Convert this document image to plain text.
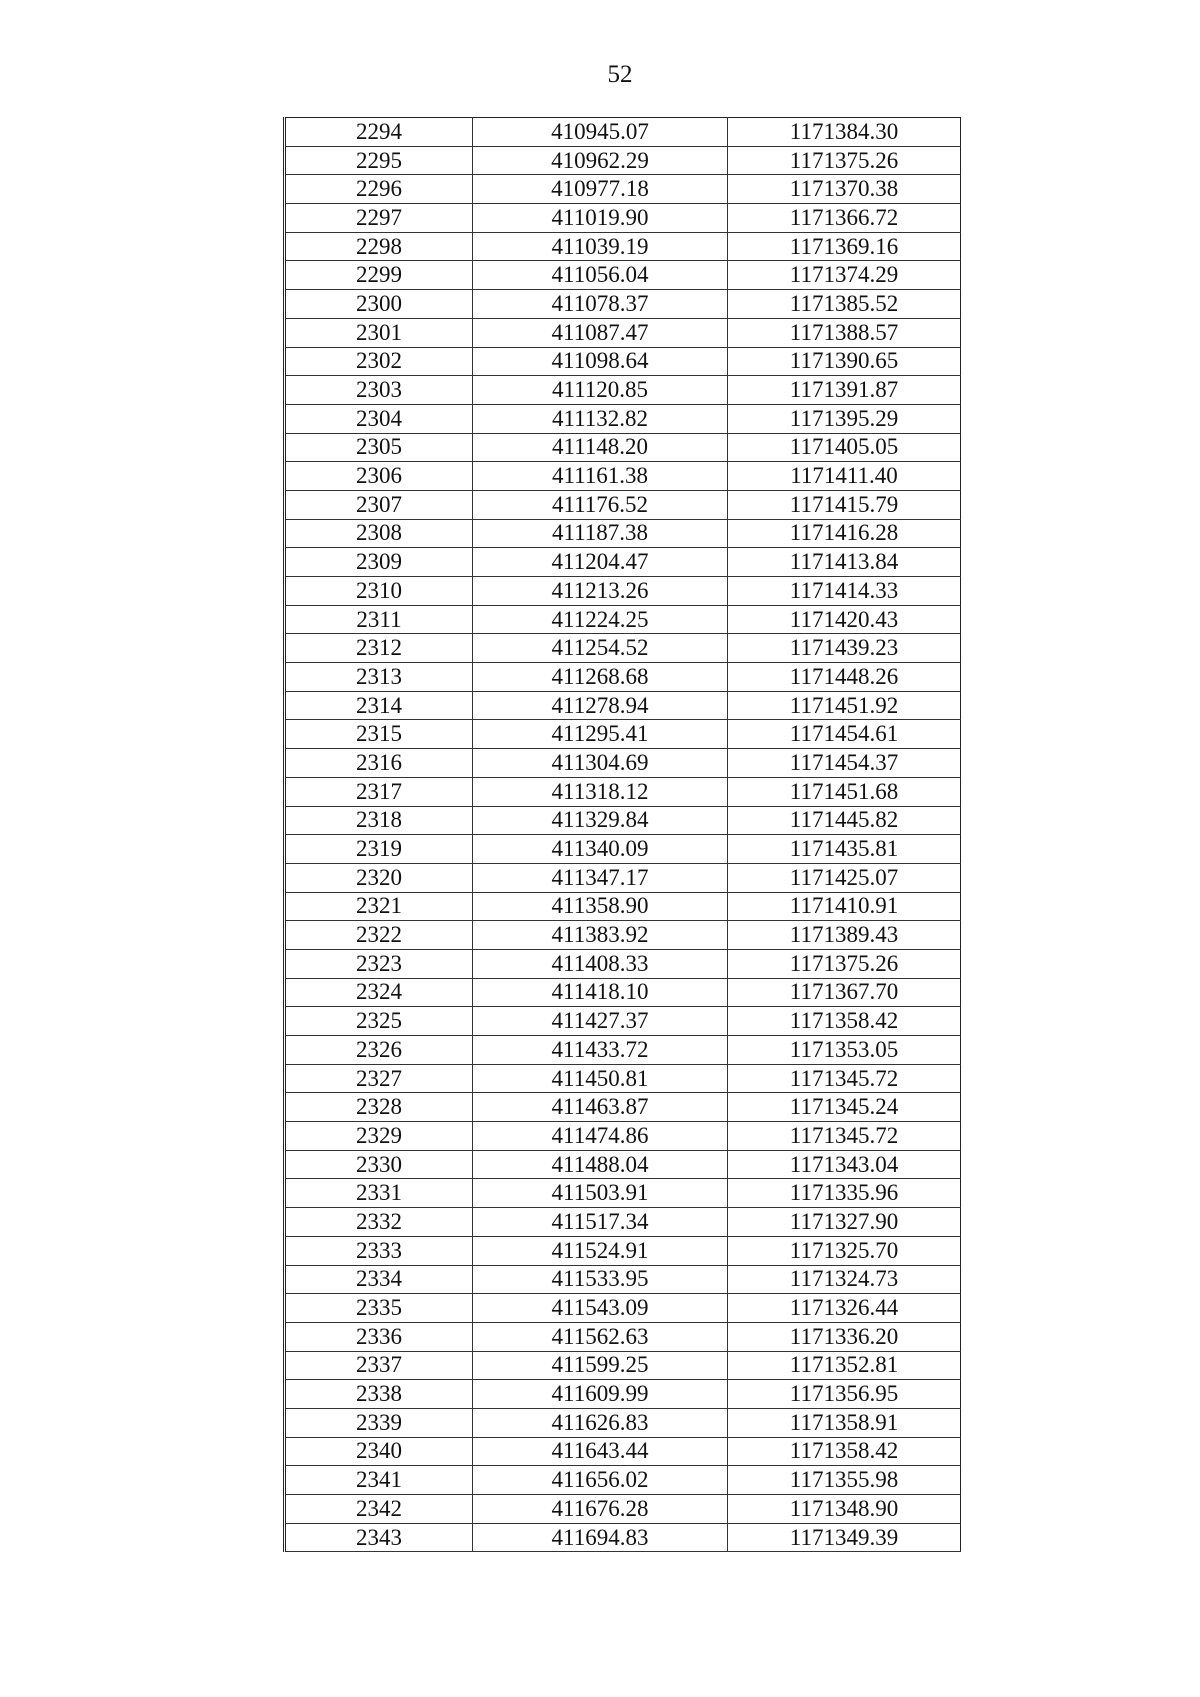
52
2294	410945.07	1171384.30
2295	410962.29	1171375.26
2296	410977.18	1171370.38
2297	411019.90	1171366.72
2298	411039.19	1171369.16
2299	411056.04	1171374.29
2300	411078.37	1171385.52
2301	411087.47	1171388.57
2302	411098.64	1171390.65
2303	411120.85	1171391.87
2304	411132.82	1171395.29
2305	411148.20	1171405.05
2306	411161.38	1171411.40
2307	411176.52	1171415.79
2308	411187.38	1171416.28
2309	411204.47	1171413.84
2310	411213.26	1171414.33
2311	411224.25	1171420.43
2312	411254.52	1171439.23
2313	411268.68	1171448.26
2314	411278.94	1171451.92
2315	411295.41	1171454.61
2316	411304.69	1171454.37
2317	411318.12	1171451.68
2318	411329.84	1171445.82
2319	411340.09	1171435.81
2320	411347.17	1171425.07
2321	411358.90	1171410.91
2322	411383.92	1171389.43
2323	411408.33	1171375.26
2324	411418.10	1171367.70
2325	411427.37	1171358.42
2326	411433.72	1171353.05
2327	411450.81	1171345.72
2328	411463.87	1171345.24
2329	411474.86	1171345.72
2330	411488.04	1171343.04
2331	411503.91	1171335.96
2332	411517.34	1171327.90
2333	411524.91	1171325.70
2334	411533.95	1171324.73
2335	411543.09	1171326.44
2336	411562.63	1171336.20
2337	411599.25	1171352.81
2338	411609.99	1171356.95
2339	411626.83	1171358.91
2340	411643.44	1171358.42
2341	411656.02	1171355.98
2342	411676.28	1171348.90
2343	411694.83	1171349.39
